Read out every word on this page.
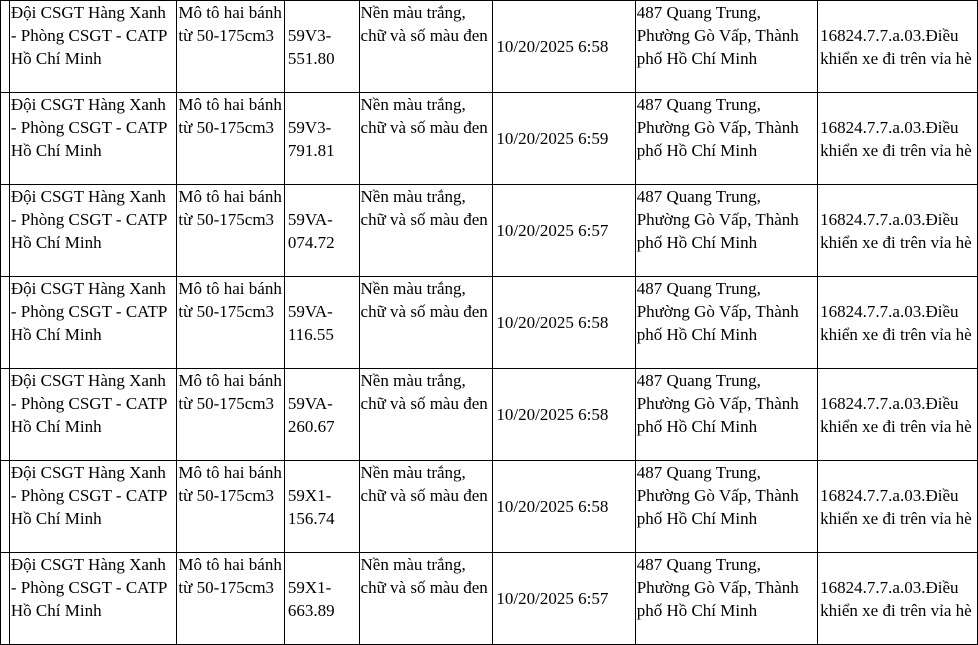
	Đội CSGT Hàng Xanh - Phòng CSGT - CATP Hồ Chí Minh	Mô tô hai bánh từ 50-175cm3	59V3-551.80	Nền màu trắng, chữ và số màu đen	10/20/2025 6:58	487 Quang Trung, Phường Gò Vấp, Thành phố Hồ Chí Minh	16824.7.7.a.03.Điều khiển xe đi trên vỉa hè
	Đội CSGT Hàng Xanh - Phòng CSGT - CATP Hồ Chí Minh	Mô tô hai bánh từ 50-175cm3	59V3-791.81	Nền màu trắng, chữ và số màu đen	10/20/2025 6:59	487 Quang Trung, Phường Gò Vấp, Thành phố Hồ Chí Minh	16824.7.7.a.03.Điều khiển xe đi trên vỉa hè
	Đội CSGT Hàng Xanh - Phòng CSGT - CATP Hồ Chí Minh	Mô tô hai bánh từ 50-175cm3	59VA-074.72	Nền màu trắng, chữ và số màu đen	10/20/2025 6:57	487 Quang Trung, Phường Gò Vấp, Thành phố Hồ Chí Minh	16824.7.7.a.03.Điều khiển xe đi trên vỉa hè
	Đội CSGT Hàng Xanh - Phòng CSGT - CATP Hồ Chí Minh	Mô tô hai bánh từ 50-175cm3	59VA-116.55	Nền màu trắng, chữ và số màu đen	10/20/2025 6:58	487 Quang Trung, Phường Gò Vấp, Thành phố Hồ Chí Minh	16824.7.7.a.03.Điều khiển xe đi trên vỉa hè
	Đội CSGT Hàng Xanh - Phòng CSGT - CATP Hồ Chí Minh	Mô tô hai bánh từ 50-175cm3	59VA-260.67	Nền màu trắng, chữ và số màu đen	10/20/2025 6:58	487 Quang Trung, Phường Gò Vấp, Thành phố Hồ Chí Minh	16824.7.7.a.03.Điều khiển xe đi trên vỉa hè
	Đội CSGT Hàng Xanh - Phòng CSGT - CATP Hồ Chí Minh	Mô tô hai bánh từ 50-175cm3	59X1-156.74	Nền màu trắng, chữ và số màu đen	10/20/2025 6:58	487 Quang Trung, Phường Gò Vấp, Thành phố Hồ Chí Minh	16824.7.7.a.03.Điều khiển xe đi trên vỉa hè
	Đội CSGT Hàng Xanh - Phòng CSGT - CATP Hồ Chí Minh	Mô tô hai bánh từ 50-175cm3	59X1-663.89	Nền màu trắng, chữ và số màu đen	10/20/2025 6:57	487 Quang Trung, Phường Gò Vấp, Thành phố Hồ Chí Minh	16824.7.7.a.03.Điều khiển xe đi trên vỉa hè
